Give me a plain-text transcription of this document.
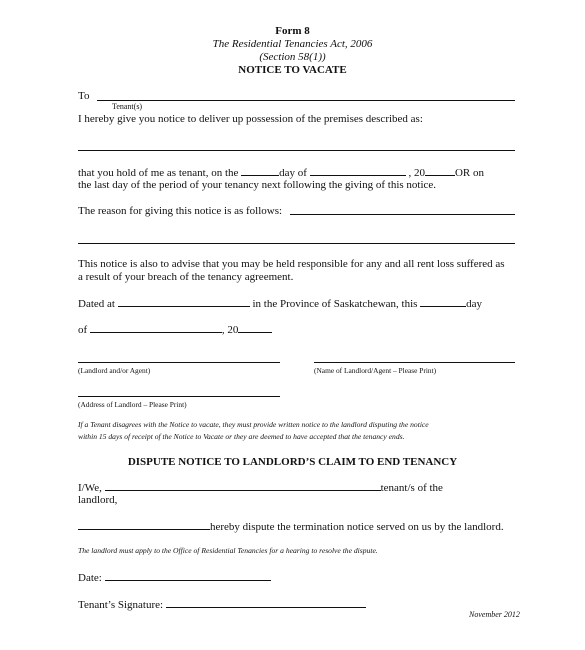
Form 8
The Residential Tenancies Act, 2006
(Section 58(1))
NOTICE TO VACATE
To
Tenant(s)
I hereby give you notice to deliver up possession of the premises described as:
that you hold of me as tenant, on the	day of	, 20	OR on
the last day of the period of your tenancy next following the giving of this notice.
The reason for giving this notice is as follows:
This notice is also to advise that you may be held responsible for any and all rent loss suffered as
a result of your breach of the tenancy agreement.
Dated at	in the Province of Saskatchewan, this	day
of	, 20
(Landlord and/or Agent)	(Name of Landlord/Agent – Please Print)
(Address of Landlord – Please Print)
If a Tenant disagrees with the Notice to vacate, they must provide written notice to the landlord disputing the notice
within 15 days of receipt of the Notice to Vacate or they are deemed to have accepted that the tenancy ends.
DISPUTE NOTICE TO LANDLORD’S CLAIM TO END TENANCY
I/We,	tenant/s of the
landlord,
hereby dispute the termination notice served on us by the landlord.
The landlord must apply to the Office of Residential Tenancies for a hearing to resolve the dispute.
Date:
Tenant’s Signature:
November 2012
